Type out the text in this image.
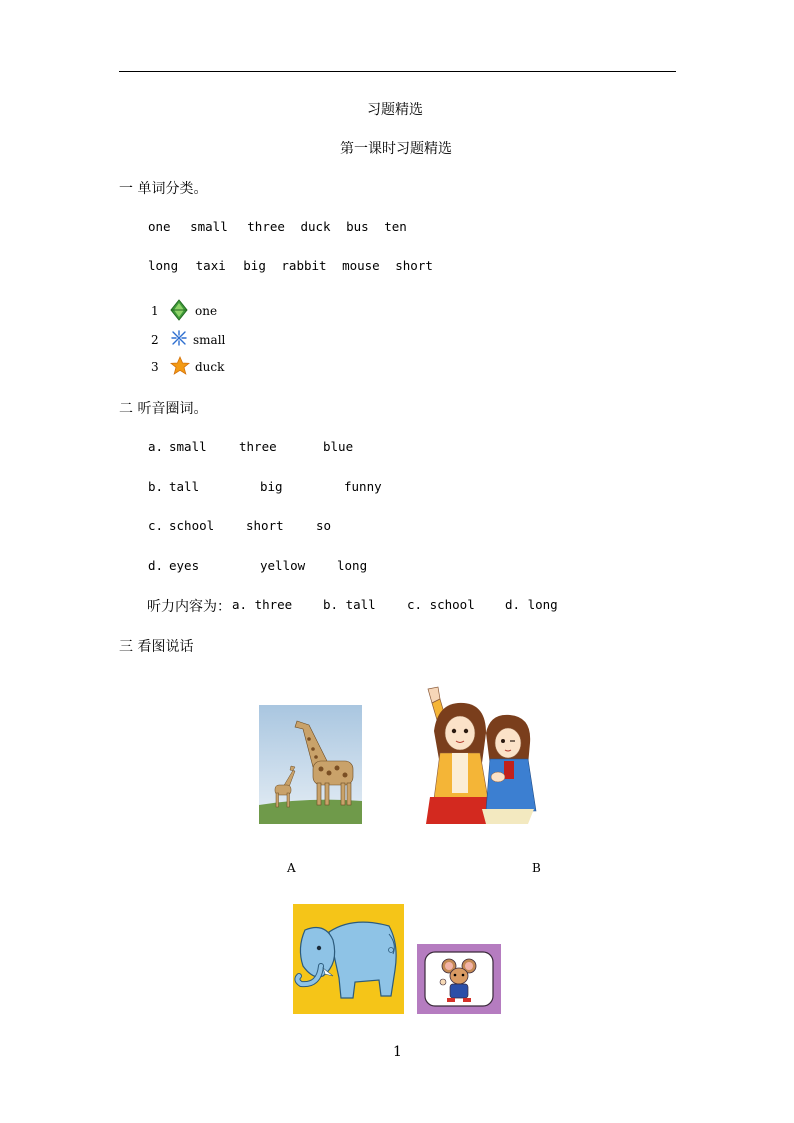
习题精选
第一课时习题精选
一 单词分类。
one small three duck bus ten
long taxi big rabbit mouse short
1	one
2	small
3	duck
二 听音圈词。
a. small	three	blue
b. tall	big	funny
c. school	short	so
d. eyes	yellow	long
听力内容为： a. three b. tall	c. school d. long
三 看图说话
A	B
1
